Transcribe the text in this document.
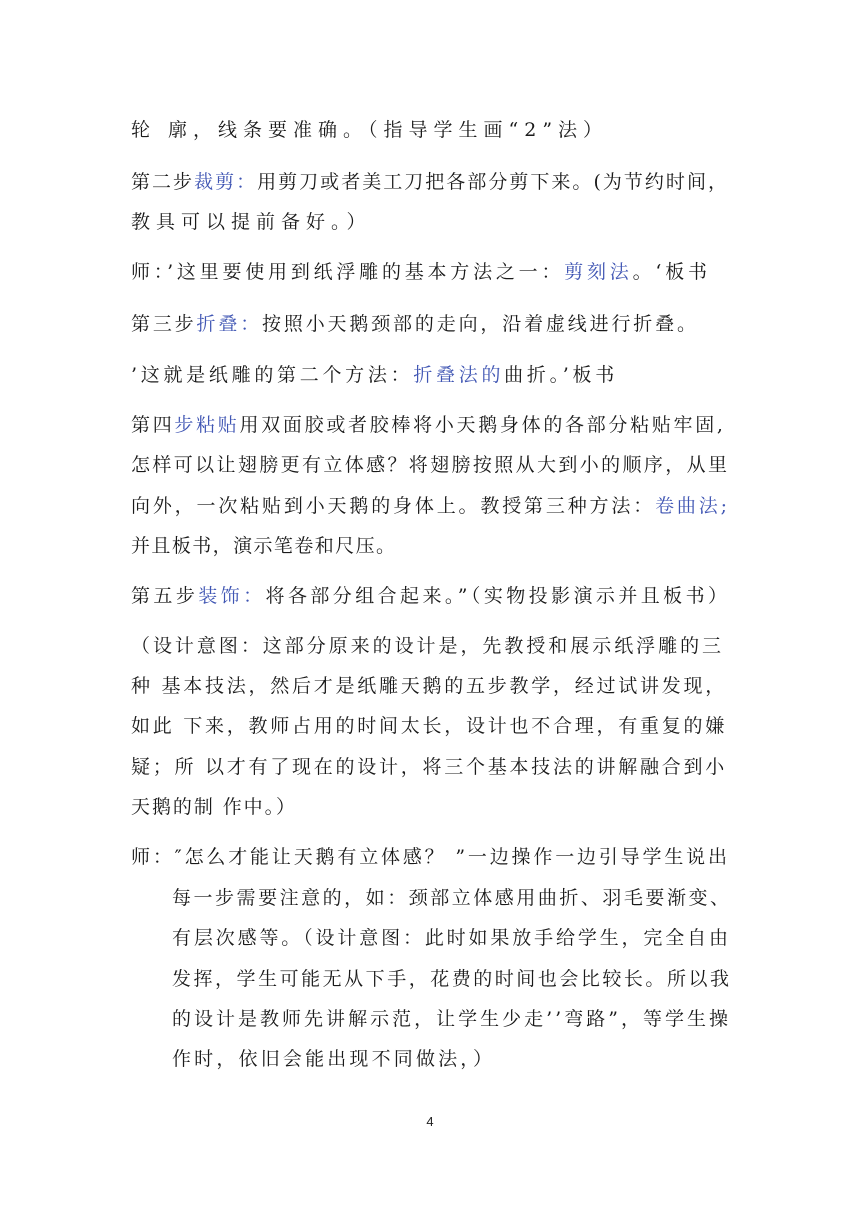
轮 廓，线条要准确。（指导学生画“2”法）
第二步裁剪：用剪刀或者美工刀把各部分剪下来。(为节约时间，
教具可以提前备好。）
师：’这里要使用到纸浮雕的基本方法之一：剪刻法。‘板书
第三步折叠：按照小天鹅颈部的走向，沿着虚线进行折叠。
’这就是纸雕的第二个方法：折叠法的曲折。’板书
第四步粘贴用双面胶或者胶棒将小天鹅身体的各部分粘贴牢固,
怎样可以让翅膀更有立体感？将翅膀按照从大到小的顺序，从里
向外，一次粘贴到小天鹅的身体上。教授第三种方法：卷曲法;
并且板书，演示笔卷和尺压。
第五步装饰：将各部分组合起来。”（实物投影演示并且板书）
（设计意图：这部分原来的设计是，先教授和展示纸浮雕的三
种 基本技法，然后才是纸雕天鹅的五步教学，经过试讲发现，
如此 下来，教师占用的时间太长，设计也不合理，有重复的嫌
疑；所 以才有了现在的设计，将三个基本技法的讲解融合到小
天鹅的制 作中。）
师：″怎么才能让天鹅有立体感？ ”一边操作一边引导学生说出
每一步需要注意的，如：颈部立体感用曲折、羽毛要渐变、
有层次感等。（设计意图：此时如果放手给学生，完全自由
发挥，学生可能无从下手，花费的时间也会比较长。所以我
的设计是教师先讲解示范，让学生少走’’弯路”，等学生操
作时，依旧会能出现不同做法，）
4
